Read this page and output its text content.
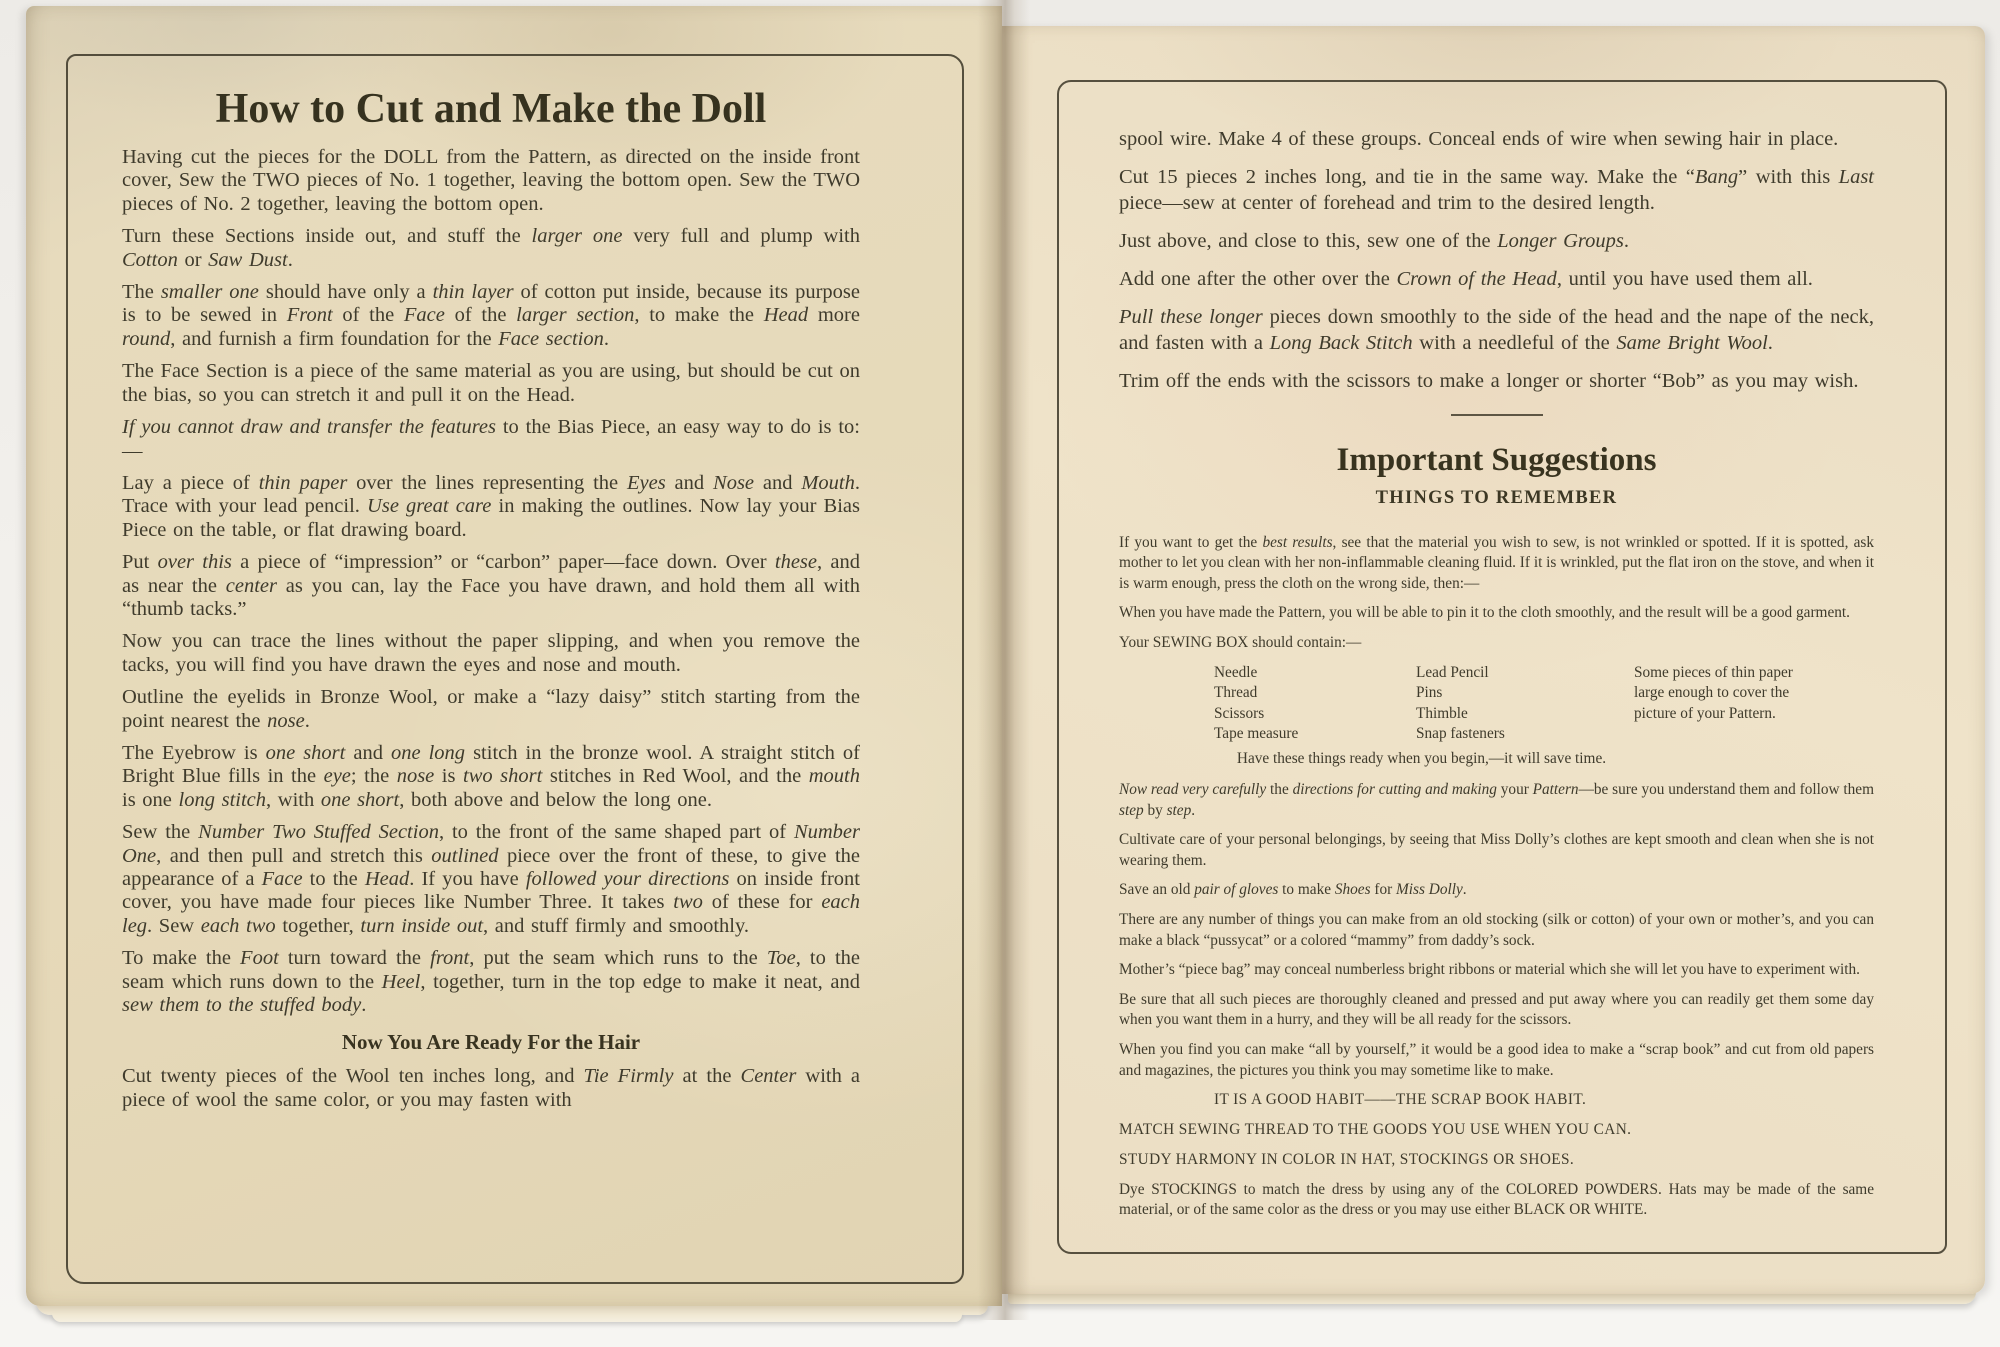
How to Cut and Make the Doll

Having cut the pieces for the DOLL from the Pattern, as directed on the inside front cover, Sew the TWO pieces of No. 1 together, leaving the bottom open. Sew the TWO pieces of No. 2 together, leaving the bottom open.

Turn these Sections inside out, and stuff the larger one very full and plump with Cotton or Saw Dust.

The smaller one should have only a thin layer of cotton put inside, because its purpose is to be sewed in Front of the Face of the larger section, to make the Head more round, and furnish a firm foundation for the Face section.

The Face Section is a piece of the same material as you are using, but should be cut on the bias, so you can stretch it and pull it on the Head.

If you cannot draw and transfer the features to the Bias Piece, an easy way to do is to:—

Lay a piece of thin paper over the lines representing the Eyes and Nose and Mouth. Trace with your lead pencil. Use great care in making the outlines. Now lay your Bias Piece on the table, or flat drawing board.

Put over this a piece of “impression” or “carbon” paper—face down. Over these, and as near the center as you can, lay the Face you have drawn, and hold them all with “thumb tacks.”

Now you can trace the lines without the paper slipping, and when you remove the tacks, you will find you have drawn the eyes and nose and mouth.

Outline the eyelids in Bronze Wool, or make a “lazy daisy” stitch starting from the point nearest the nose.

The Eyebrow is one short and one long stitch in the bronze wool. A straight stitch of Bright Blue fills in the eye; the nose is two short stitches in Red Wool, and the mouth is one long stitch, with one short, both above and below the long one.

Sew the Number Two Stuffed Section, to the front of the same shaped part of Number One, and then pull and stretch this outlined piece over the front of these, to give the appearance of a Face to the Head. If you have followed your directions on inside front cover, you have made four pieces like Number Three. It takes two of these for each leg. Sew each two together, turn inside out, and stuff firmly and smoothly.

To make the Foot turn toward the front, put the seam which runs to the Toe, to the seam which runs down to the Heel, together, turn in the top edge to make it neat, and sew them to the stuffed body.

Now You Are Ready For the Hair

Cut twenty pieces of the Wool ten inches long, and Tie Firmly at the Center with a piece of wool the same color, or you may fasten with

spool wire. Make 4 of these groups. Conceal ends of wire when sewing hair in place.

Cut 15 pieces 2 inches long, and tie in the same way. Make the “Bang” with this Last piece—sew at center of forehead and trim to the desired length.

Just above, and close to this, sew one of the Longer Groups.

Add one after the other over the Crown of the Head, until you have used them all.

Pull these longer pieces down smoothly to the side of the head and the nape of the neck, and fasten with a Long Back Stitch with a needleful of the Same Bright Wool.

Trim off the ends with the scissors to make a longer or shorter “Bob” as you may wish.

Important Suggestions
THINGS TO REMEMBER

If you want to get the best results, see that the material you wish to sew, is not wrinkled or spotted. If it is spotted, ask mother to let you clean with her non-inflammable cleaning fluid. If it is wrinkled, put the flat iron on the stove, and when it is warm enough, press the cloth on the wrong side, then:—

When you have made the Pattern, you will be able to pin it to the cloth smoothly, and the result will be a good garment.

Your SEWING BOX should contain:—

Needle
Thread
Scissors
Tape measure
Lead Pencil
Pins
Thimble
Snap fasteners
Some pieces of thin paper large enough to cover the picture of your Pattern.

Have these things ready when you begin,—it will save time.

Now read very carefully the directions for cutting and making your Pattern—be sure you understand them and follow them step by step.

Cultivate care of your personal belongings, by seeing that Miss Dolly’s clothes are kept smooth and clean when she is not wearing them.

Save an old pair of gloves to make Shoes for Miss Dolly.

There are any number of things you can make from an old stocking (silk or cotton) of your own or mother’s, and you can make a black “pussycat” or a colored “mammy” from daddy’s sock.

Mother’s “piece bag” may conceal numberless bright ribbons or material which she will let you have to experiment with.

Be sure that all such pieces are thoroughly cleaned and pressed and put away where you can readily get them some day when you want them in a hurry, and they will be all ready for the scissors.

When you find you can make “all by yourself,” it would be a good idea to make a “scrap book” and cut from old papers and magazines, the pictures you think you may sometime like to make.

IT IS A GOOD HABIT——THE SCRAP BOOK HABIT.

MATCH SEWING THREAD TO THE GOODS YOU USE WHEN YOU CAN.

STUDY HARMONY IN COLOR IN HAT, STOCKINGS OR SHOES.

Dye STOCKINGS to match the dress by using any of the COLORED POWDERS. Hats may be made of the same material, or of the same color as the dress or you may use either BLACK OR WHITE.
